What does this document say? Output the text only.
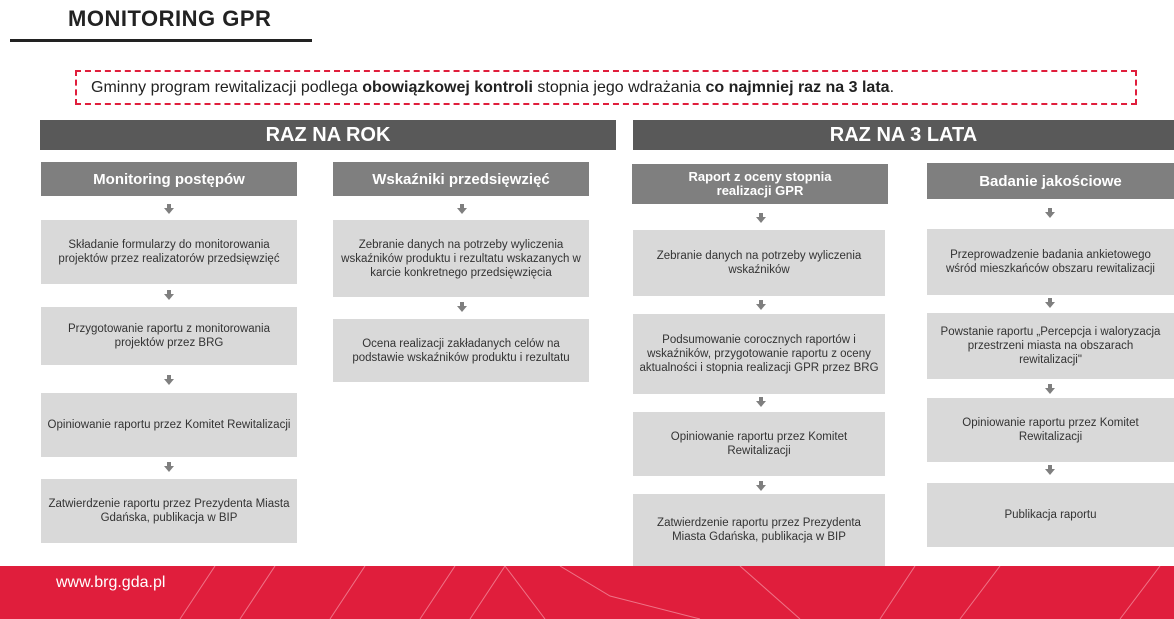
MONITORING GPR
Gminny program rewitalizacji podlega obowiązkowej kontroli stopnia jego wdrażania co najmniej raz na 3 lata.
RAZ NA ROK	RAZ NA 3 LATA
Monitoring postępów	Wskaźniki przedsięwzięć	Raport z oceny stopnia realizacji GPR
Badanie jakościowe
Składanie formularzy do monitorowania projektów przez realizatorów przedsięwzięć
Przygotowanie raportu z monitorowania projektów przez BRG
Opiniowanie raportu przez Komitet Rewitalizacji
Zatwierdzenie raportu przez Prezydenta Miasta Gdańska, publikacja w BIP
Zebranie danych na potrzeby wyliczenia wskaźników produktu i rezultatu wskazanych w karcie konkretnego przedsięwzięcia
Ocena realizacji zakładanych celów na podstawie wskaźników produktu i rezultatu
Zebranie danych na potrzeby wyliczenia wskaźników
Podsumowanie corocznych raportów i wskaźników, przygotowanie raportu z oceny aktualności i stopnia realizacji GPR przez BRG
Opiniowanie raportu przez Komitet Rewitalizacji
Zatwierdzenie raportu przez Prezydenta Miasta Gdańska, publikacja w BIP
Przeprowadzenie badania ankietowego wśród mieszkańców obszaru rewitalizacji
Powstanie raportu „Percepcja i waloryzacja przestrzeni miasta na obszarach rewitalizacji"
Opiniowanie raportu przez Komitet Rewitalizacji
Publikacja raportu
www.brg.gda.pl
